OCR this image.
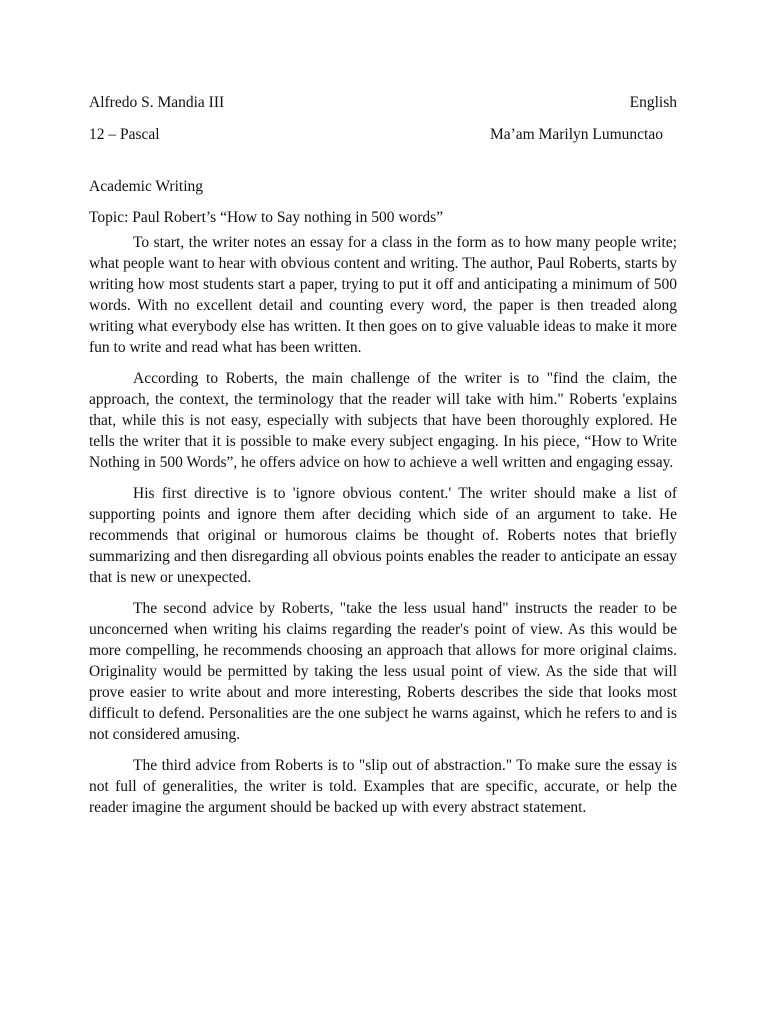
Alfredo S. Mandia III	English
12 – Pascal	Ma’am Marilyn Lumunctao
Academic Writing
Topic: Paul Robert’s “How to Say nothing in 500 words”

To start, the writer notes an essay for a class in the form as to how many people write; what people want to hear with obvious content and writing. The author, Paul Roberts, starts by writing how most students start a paper, trying to put it off and anticipating a minimum of 500 words. With no excellent detail and counting every word, the paper is then treaded along writing what everybody else has written. It then goes on to give valuable ideas to make it more fun to write and read what has been written.

According to Roberts, the main challenge of the writer is to "find the claim, the approach, the context, the terminology that the reader will take with him." Roberts 'explains that, while this is not easy, especially with subjects that have been thoroughly explored. He tells the writer that it is possible to make every subject engaging. In his piece, “How to Write Nothing in 500 Words”, he offers advice on how to achieve a well written and engaging essay.

His first directive is to 'ignore obvious content.' The writer should make a list of supporting points and ignore them after deciding which side of an argument to take. He recommends that original or humorous claims be thought of. Roberts notes that briefly summarizing and then disregarding all obvious points enables the reader to anticipate an essay that is new or unexpected.

The second advice by Roberts, "take the less usual hand" instructs the reader to be unconcerned when writing his claims regarding the reader's point of view. As this would be more compelling, he recommends choosing an approach that allows for more original claims. Originality would be permitted by taking the less usual point of view. As the side that will prove easier to write about and more interesting, Roberts describes the side that looks most difficult to defend. Personalities are the one subject he warns against, which he refers to and is not considered amusing.

The third advice from Roberts is to "slip out of abstraction." To make sure the essay is not full of generalities, the writer is told. Examples that are specific, accurate, or help the reader imagine the argument should be backed up with every abstract statement.
